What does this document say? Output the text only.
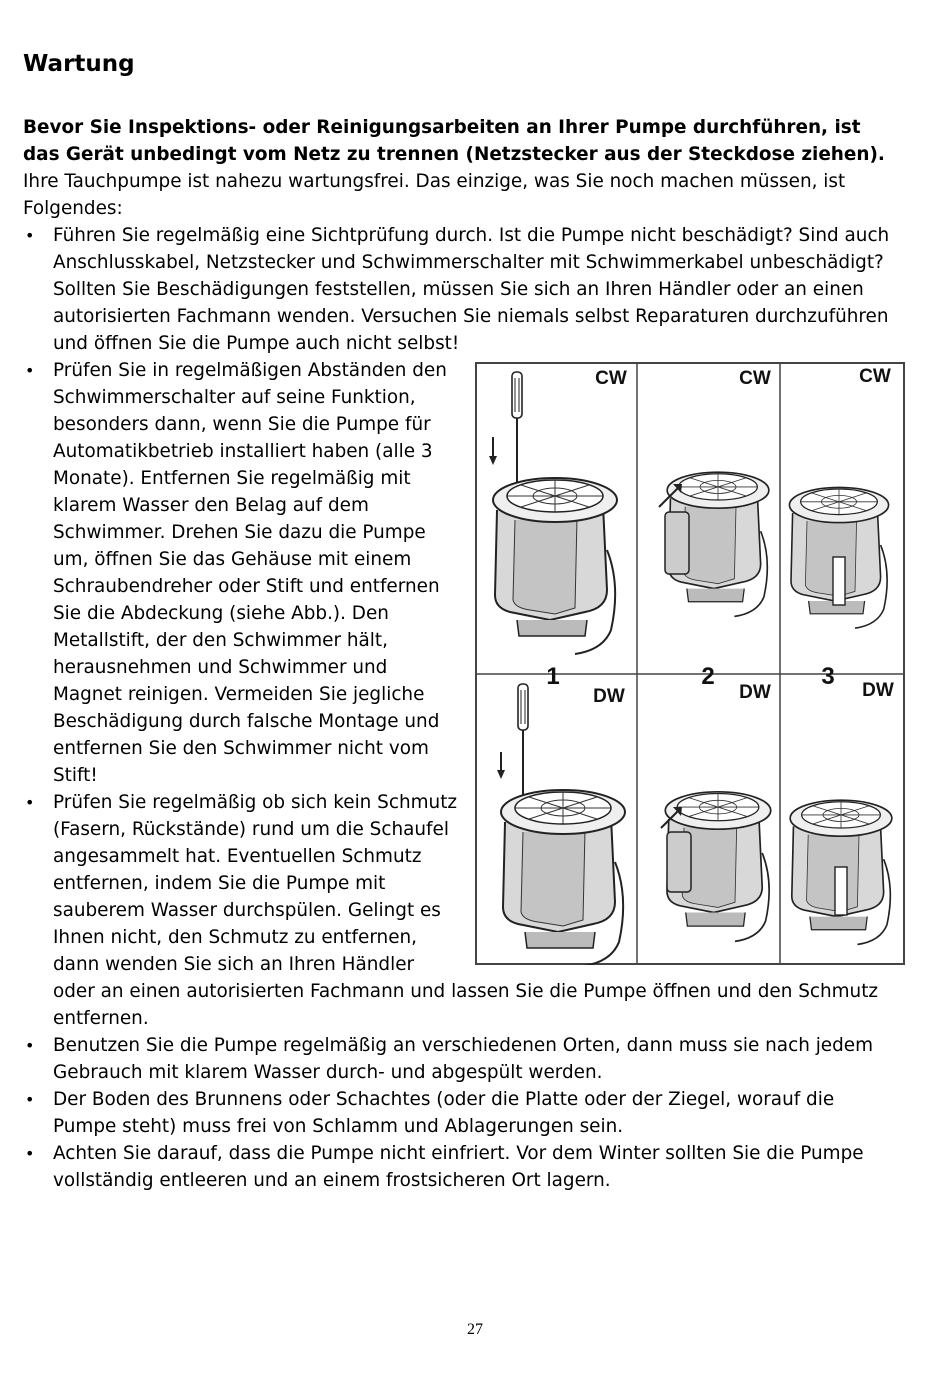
Wartung

Bevor Sie Inspektions- oder Reinigungsarbeiten an Ihrer Pumpe durchführen, ist das Gerät unbedingt vom Netz zu trennen (Netzstecker aus der Steckdose ziehen).

Ihre Tauchpumpe ist nahezu wartungsfrei. Das einzige, was Sie noch machen müssen, ist Folgendes:

• Führen Sie regelmäßig eine Sichtprüfung durch. Ist die Pumpe nicht beschädigt? Sind auch Anschlusskabel, Netzstecker und Schwimmerschalter mit Schwimmerkabel unbeschädigt? Sollten Sie Beschädigungen feststellen, müssen Sie sich an Ihren Händler oder an einen autorisierten Fachmann wenden. Versuchen Sie niemals selbst Reparaturen durchzuführen und öffnen Sie die Pumpe auch nicht selbst!
•	CW	CW	CW
DW	DW	DW
1	2	3
Prüfen Sie in regelmäßigen Abständen den Schwimmerschalter auf seine Funktion, besonders dann, wenn Sie die Pumpe für Automatikbetrieb installiert haben (alle 3 Monate). Entfernen Sie regelmäßig mit klarem Wasser den Belag auf dem Schwimmer. Drehen Sie dazu die Pumpe um, öffnen Sie das Gehäuse mit einem Schraubendreher oder Stift und entfernen Sie die Abdeckung (siehe Abb.). Den Metallstift, der den Schwimmer hält, herausnehmen und Schwimmer und Magnet reinigen. Vermeiden Sie jegliche Beschädigung durch falsche Montage und entfernen Sie den Schwimmer nicht vom Stift!
• Prüfen Sie regelmäßig ob sich kein Schmutz (Fasern, Rückstände) rund um die Schaufel angesammelt hat. Eventuellen Schmutz entfernen, indem Sie die Pumpe mit sauberem Wasser durchspülen. Gelingt es Ihnen nicht, den Schmutz zu entfernen, dann wenden Sie sich an Ihren Händler oder an einen autorisierten Fachmann und lassen Sie die Pumpe öffnen und den Schmutz entfernen.
• Benutzen Sie die Pumpe regelmäßig an verschiedenen Orten, dann muss sie nach jedem Gebrauch mit klarem Wasser durch- und abgespült werden.
• Der Boden des Brunnens oder Schachtes (oder die Platte oder der Ziegel, worauf die Pumpe steht) muss frei von Schlamm und Ablagerungen sein.
• Achten Sie darauf, dass die Pumpe nicht einfriert. Vor dem Winter sollten Sie die Pumpe vollständig entleeren und an einem frostsicheren Ort lagern.
27
